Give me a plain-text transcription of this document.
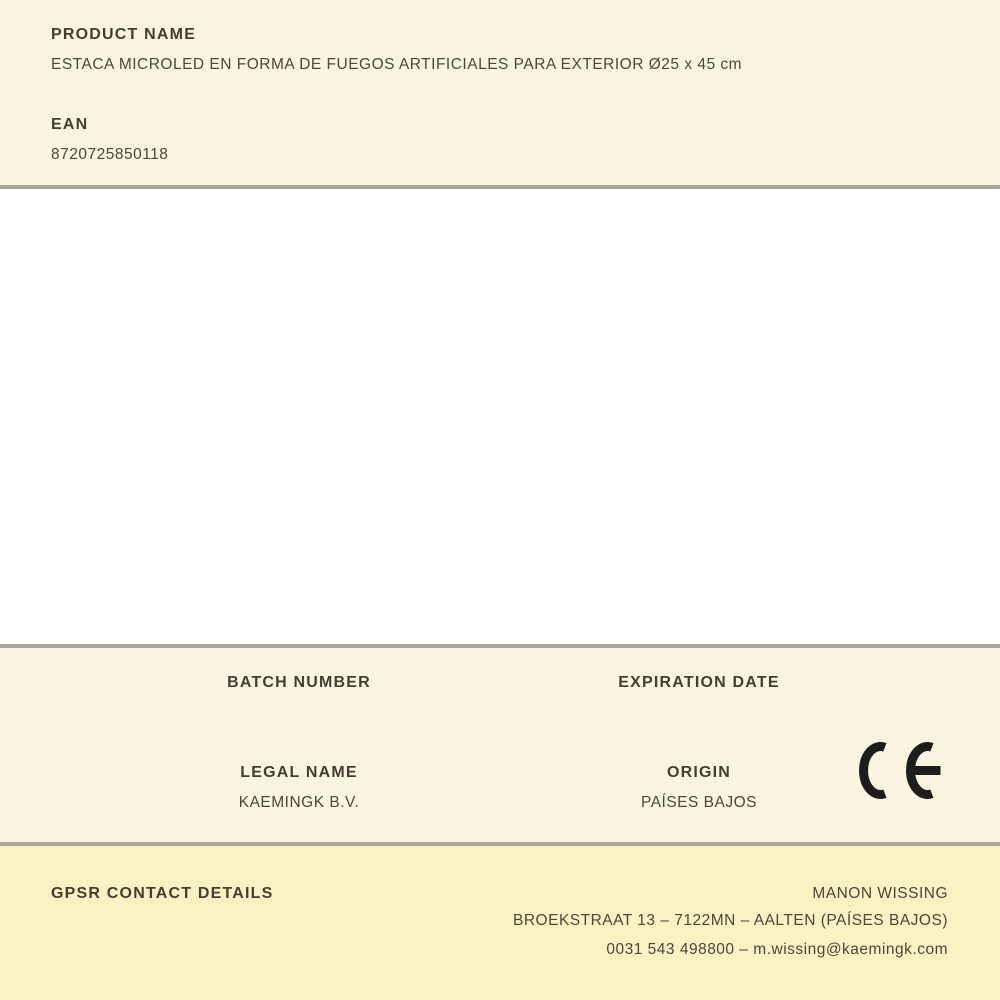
PRODUCT NAME
ESTACA MICROLED EN FORMA DE FUEGOS ARTIFICIALES PARA EXTERIOR Ø25 x 45 cm
EAN
8720725850118
BATCH NUMBER
LEGAL NAME
KAEMINGK B.V.
EXPIRATION DATE
ORIGIN
PAÍSES BAJOS
GPSR CONTACT DETAILS	MANON WISSING
BROEKSTRAAT 13 – 7122MN – AALTEN (PAÍSES BAJOS)
0031 543 498800 – m.wissing@kaemingk.com
